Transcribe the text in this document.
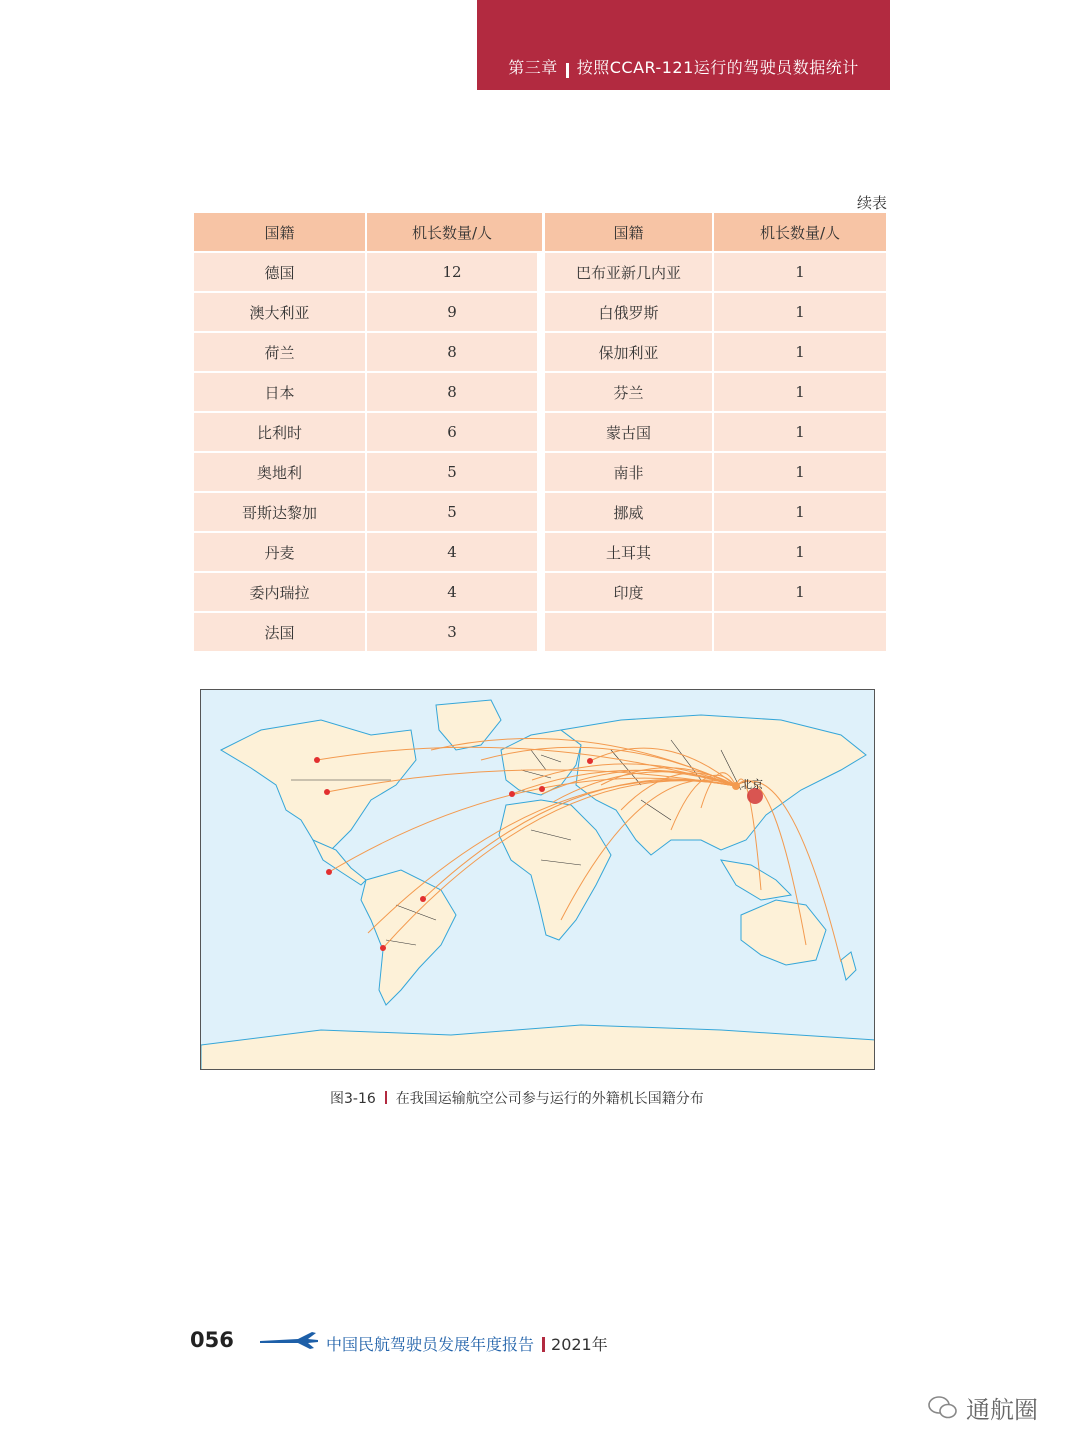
第三章 按照CCAR-121运行的驾驶员数据统计
续表
国籍	机长数量/人	国籍	机长数量/人
德国	12	巴布亚新几内亚	1
澳大利亚	9	白俄罗斯	1
荷兰	8	保加利亚	1
日本	8	芬兰	1
比利时	6	蒙古国	1
奥地利	5	南非	1
哥斯达黎加	5	挪威	1
丹麦	4	土耳其	1
委内瑞拉	4	印度	1
法国	3
北京
图3-16 在我国运输航空公司参与运行的外籍机长国籍分布
056	中国民航驾驶员发展年度报告 2021年
通航圈
